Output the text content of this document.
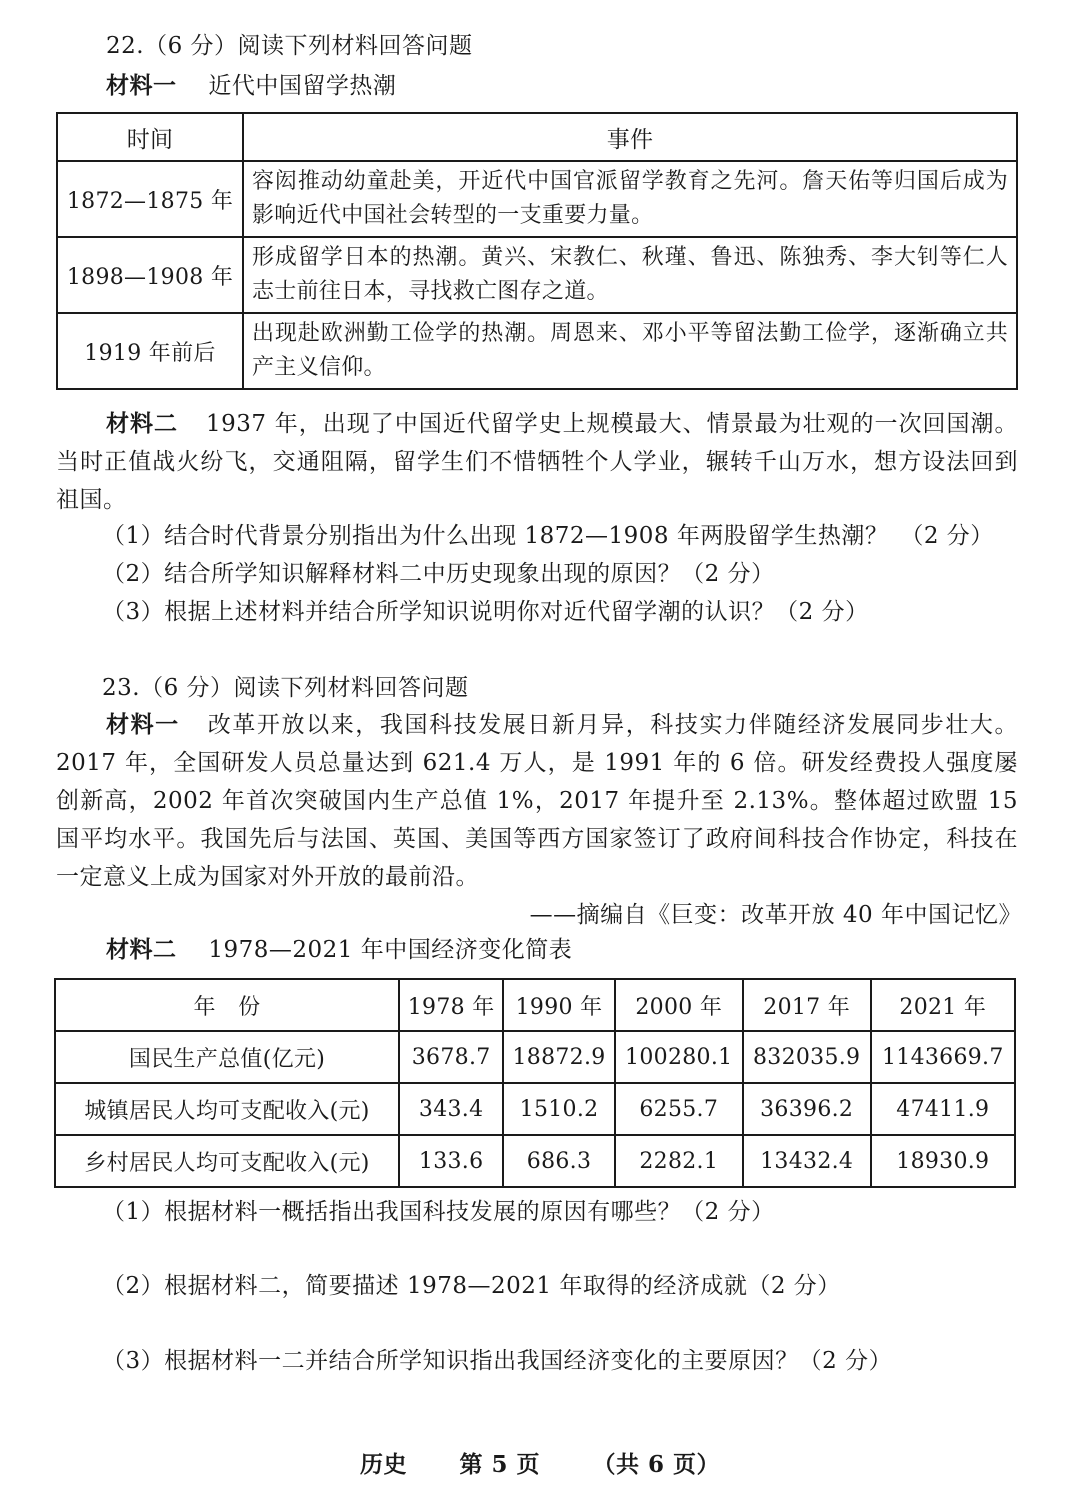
22.（6 分）阅读下列材料回答问题
材料一 近代中国留学热潮
时间	事件
1872—1875 年	容闳推动幼童赴美，开近代中国官派留学教育之先河。詹天佑等归国后成为影响近代中国社会转型的一支重要力量。
1898—1908 年	形成留学日本的热潮。黄兴、宋教仁、秋瑾、鲁迅、陈独秀、李大钊等仁人志士前往日本，寻找救亡图存之道。
1919 年前后	出现赴欧洲勤工俭学的热潮。周恩来、邓小平等留法勤工俭学，逐渐确立共产主义信仰。
材料二 1937 年，出现了中国近代留学史上规模最大、情景最为壮观的一次回国潮。当时正值战火纷飞，交通阻隔，留学生们不惜牺牲个人学业，辗转千山万水，想方设法回到祖国。
（1）结合时代背景分别指出为什么出现 1872—1908 年两股留学生热潮？　（2 分）
（2）结合所学知识解释材料二中历史现象出现的原因？（2 分）
（3）根据上述材料并结合所学知识说明你对近代留学潮的认识？（2 分）
23.（6 分）阅读下列材料回答问题
材料一 改革开放以来，我国科技发展日新月异，科技实力伴随经济发展同步壮大。2017 年，全国研发人员总量达到 621.4 万人，是 1991 年的 6 倍。研发经费投人强度屡创新高，2002 年首次突破国内生产总值 1%，2017 年提升至 2.13%。整体超过欧盟 15 国平均水平。我国先后与法国、英国、美国等西方国家签订了政府间科技合作协定，科技在一定意义上成为国家对外开放的最前沿。
——摘编自《巨变：改革开放 40 年中国记忆》
材料二 1978—2021 年中国经济变化简表
年　份	1978 年	1990 年	2000 年	2017 年	2021 年
国民生产总值(亿元)	3678.7	18872.9	100280.1	832035.9	1143669.7
城镇居民人均可支配收入(元)	343.4	1510.2	6255.7	36396.2	47411.9
乡村居民人均可支配收入(元)	133.6	686.3	2282.1	13432.4	18930.9
（1）根据材料一概括指出我国科技发展的原因有哪些？（2 分）
（2）根据材料二，简要描述 1978—2021 年取得的经济成就（2 分）
（3）根据材料一二并结合所学知识指出我国经济变化的主要原因？（2 分）
历史 第 5 页 （共 6 页）
